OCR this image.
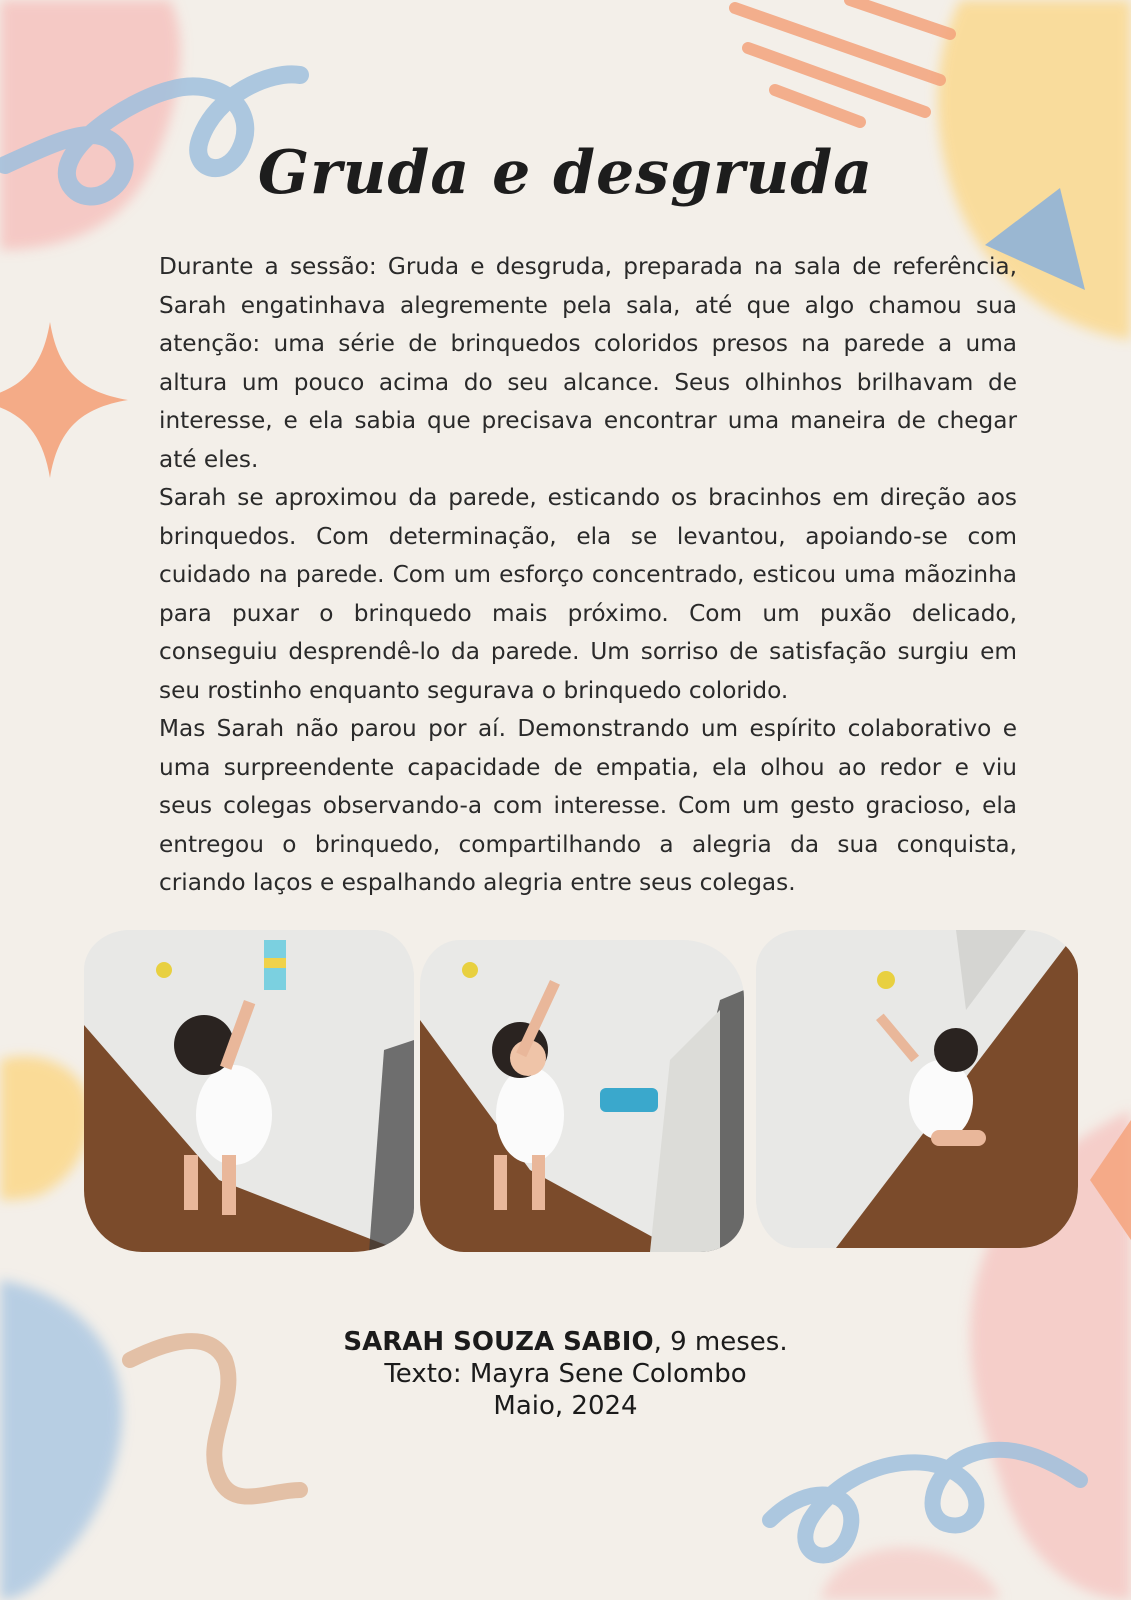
Gruda e desgruda

Durante a sessão: Gruda e desgruda, preparada na sala de referência, Sarah engatinhava alegremente pela sala, até que algo chamou sua atenção: uma série de brinquedos coloridos presos na parede a uma altura um pouco acima do seu alcance. Seus olhinhos brilhavam de interesse, e ela sabia que precisava encontrar uma maneira de chegar até eles.

Sarah se aproximou da parede, esticando os bracinhos em direção aos brinquedos. Com determinação, ela se levantou, apoiando-se com cuidado na parede. Com um esforço concentrado, esticou uma mãozinha para puxar o brinquedo mais próximo. Com um puxão delicado, conseguiu desprendê-lo da parede. Um sorriso de satisfação surgiu em seu rostinho enquanto segurava o brinquedo colorido.

Mas Sarah não parou por aí. Demonstrando um espírito colaborativo e uma surpreendente capacidade de empatia, ela olhou ao redor e viu seus colegas observando-a com interesse. Com um gesto gracioso, ela entregou o brinquedo, compartilhando a alegria da sua conquista, criando laços e espalhando alegria entre seus colegas.

SARAH SOUZA SABIO, 9 meses.
Texto: Mayra Sene Colombo
Maio, 2024
